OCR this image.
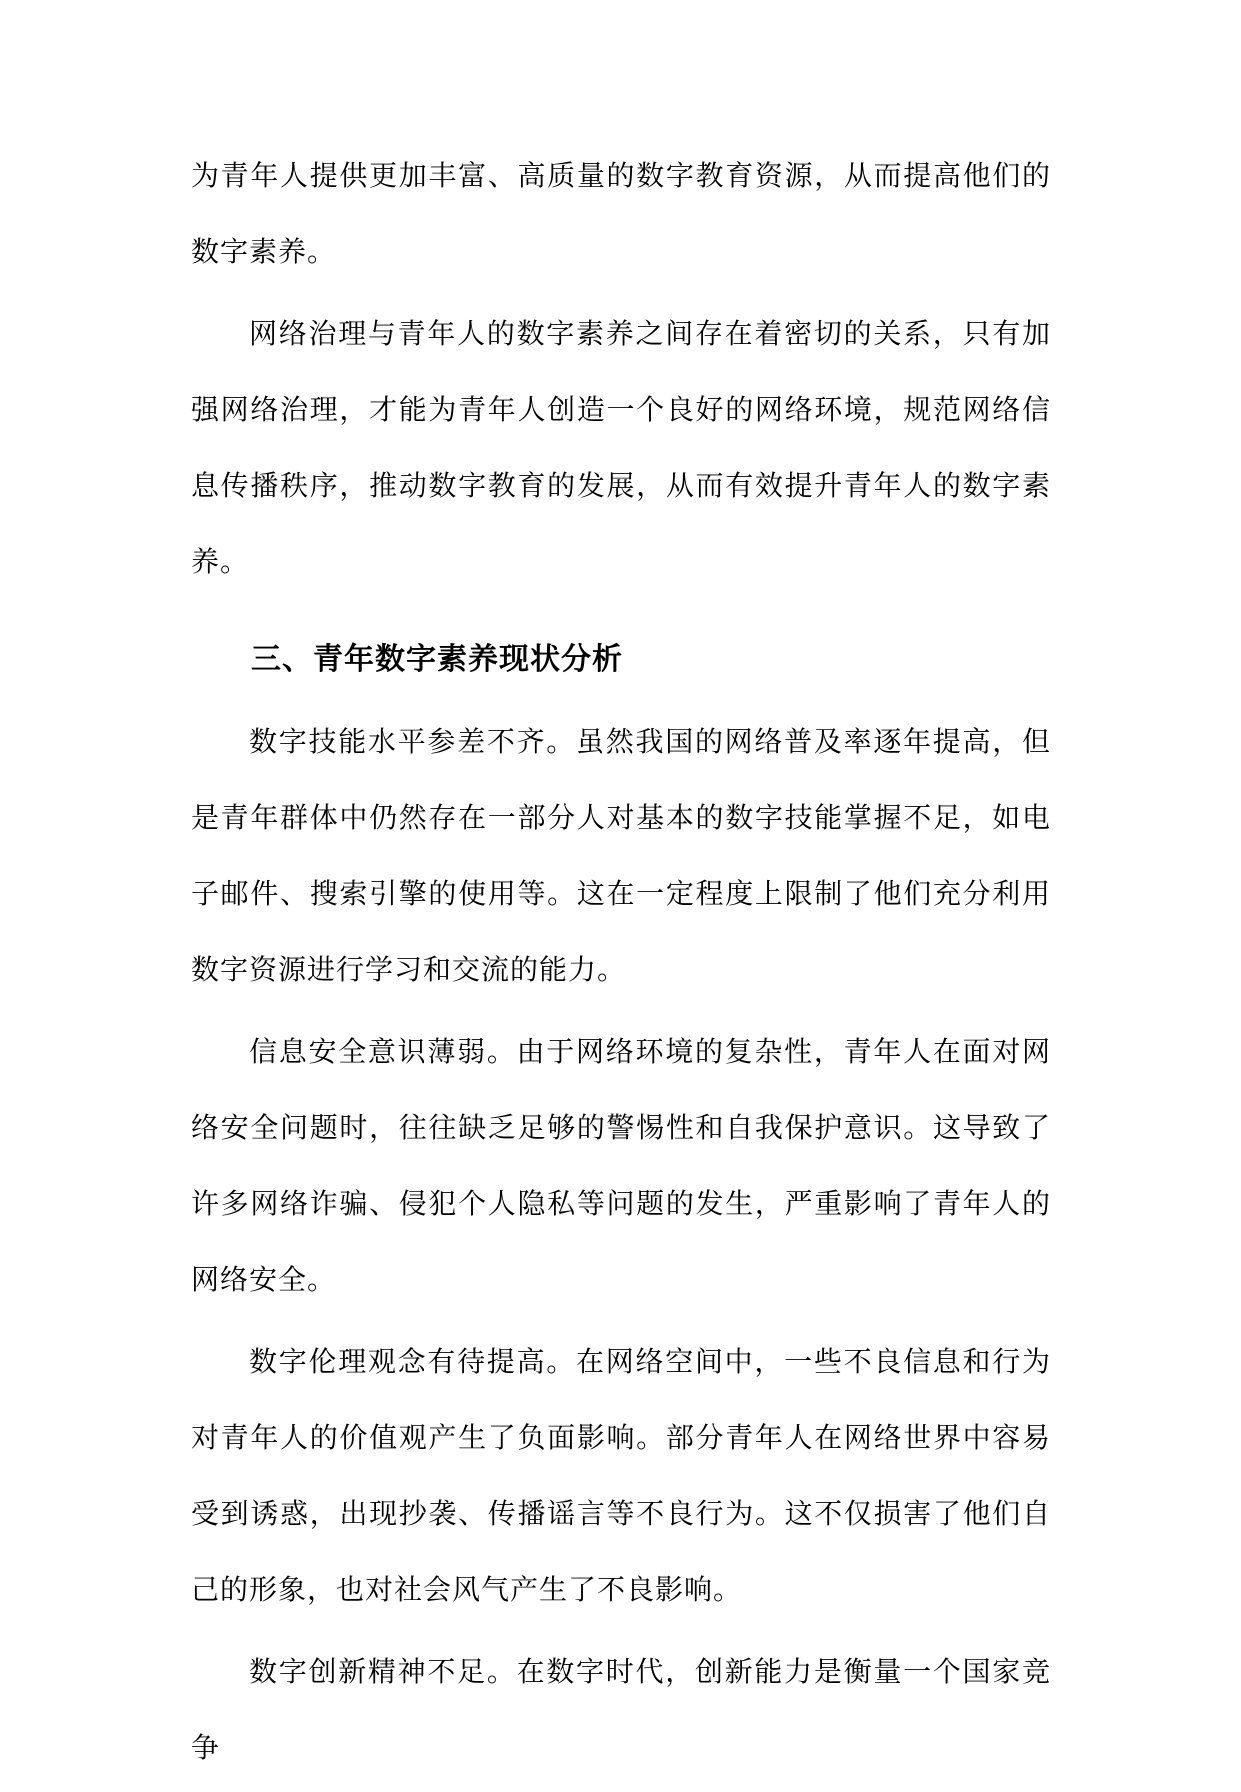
为青年人提供更加丰富、高质量的数字教育资源，从而提高他们的数字素养。

网络治理与青年人的数字素养之间存在着密切的关系，只有加强网络治理，才能为青年人创造一个良好的网络环境，规范网络信息传播秩序，推动数字教育的发展，从而有效提升青年人的数字素养。

三、青年数字素养现状分析

数字技能水平参差不齐。虽然我国的网络普及率逐年提高，但是青年群体中仍然存在一部分人对基本的数字技能掌握不足，如电子邮件、搜索引擎的使用等。这在一定程度上限制了他们充分利用数字资源进行学习和交流的能力。

信息安全意识薄弱。由于网络环境的复杂性，青年人在面对网络安全问题时，往往缺乏足够的警惕性和自我保护意识。这导致了许多网络诈骗、侵犯个人隐私等问题的发生，严重影响了青年人的网络安全。

数字伦理观念有待提高。在网络空间中，一些不良信息和行为对青年人的价值观产生了负面影响。部分青年人在网络世界中容易受到诱惑，出现抄袭、传播谣言等不良行为。这不仅损害了他们自己的形象，也对社会风气产生了不良影响。

数字创新精神不足。在数字时代，创新能力是衡量一个国家竞争
